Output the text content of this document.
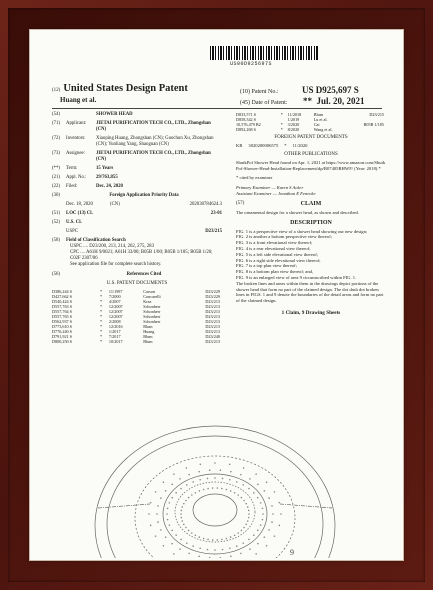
US00D925697S
(12) United States Design Patent
Huang et al.
(10) Patent No.:	US D925,697 S
(45) Date of Patent: ** Jul. 20, 2021
(54)	SHOWER HEAD
(71)	Applicant:	JIETAI PURIFICATION TECH CO., LTD., Zhongshan (CN)
(72)	Inventors:	Xiaoping Huang, Zhongshan (CN); Guochun Xu, Zhongshan (CN); Yunliang Yang, Shaoguan (CN)
(73)	Assignee:	JIETAI PURIFICATION TECH CO., LTD., Zhongshan (CN)
(**)	Term:	15 Years
(21)	Appl. No.:	29/763,855
(22)	Filed:	Dec. 24, 2020
(30)	Foreign Application Priority Data
Dec. 18, 2020	(CN)	202030784624.3
(51)	LOC (13) Cl.	23-01
(52)	U.S. Cl.
USPC	D23/215
(58)	Field of Classification Search
USPC .... D23/200, 213, 214, 262, 275, 283
CPC .... A61H 9/0021; A61H 33/00; B05B 1/00; B05B 1/185; B05B 1/26; C02F 2307/06
See application file for complete search history.
(56)	References Cited
U.S. PATENT DOCUMENTS
D386,244 S	*	11/1997	Carson	D23/229
D427,662 S	*	7/2000	Concarelli	D23/229
D540,424 S	*	4/2007	Kraz	D23/213
D557,763 S	*	12/2007	Schonherr	D23/213
D557,764 S	*	12/2007	Schonherr	D23/213
D557,765 S	*	12/2007	Schonherr	D23/213
D562,937 S	*	2/2008	Schonherr	D23/213
D773,610 S	*	12/2016	Blum	D23/213
D776,240 S	*	1/2017	Huang	D23/213
D791,921 S	*	7/2017	Blum	D23/240
D800,250 S	*	10/2017	Blum	D23/213
D833,571 S	*	11/2018	Blum	D23/215
D858,342 S		1/2019	Lu et al.	
10,576,479 B2	*	3/2020	Cai	B05B 1/185
D892,268 S	*	8/2020	Wang et al.	
FOREIGN PATENT DOCUMENTS
KR 3020200006575 * 11/2020
OTHER PUBLICATIONS
ShuikPof Shower Head found on Apr. 1, 2021 at https://www.amazon.com/ShuikPof-Shower-Head-Installation-Replacement/dp/B07405RHWF/ (Year: 2018).*
* cited by examiner
Primary Examiner — Karen S Acker
Assistant Examiner — Jonathan E Fenecke
(57)	CLAIM
The ornamental design for a shower head, as shown and described.
DESCRIPTION
FIG. 1 is a perspective view of a shower head showing our new design;
FIG. 2 is another a bottom perspective view thereof;
FIG. 3 is a front elevational view thereof;
FIG. 4 is a rear elevational view thereof;
FIG. 5 is a left side elevational view thereof;
FIG. 6 is a right side elevational view thereof;
FIG. 7 is a top plan view thereof;
FIG. 8 is a bottom plan view thereof; and,
FIG. 9 is an enlarged view of area 9 circumscribed within FIG. 1.
The broken lines and areas within them in the drawings depict portions of the shower head that form no part of the claimed design. The dot dash dot broken lines in FIGS. 1 and 9 denote the boundaries of the detail areas and form no part of the claimed design.
1 Claim, 9 Drawing Sheets
9
